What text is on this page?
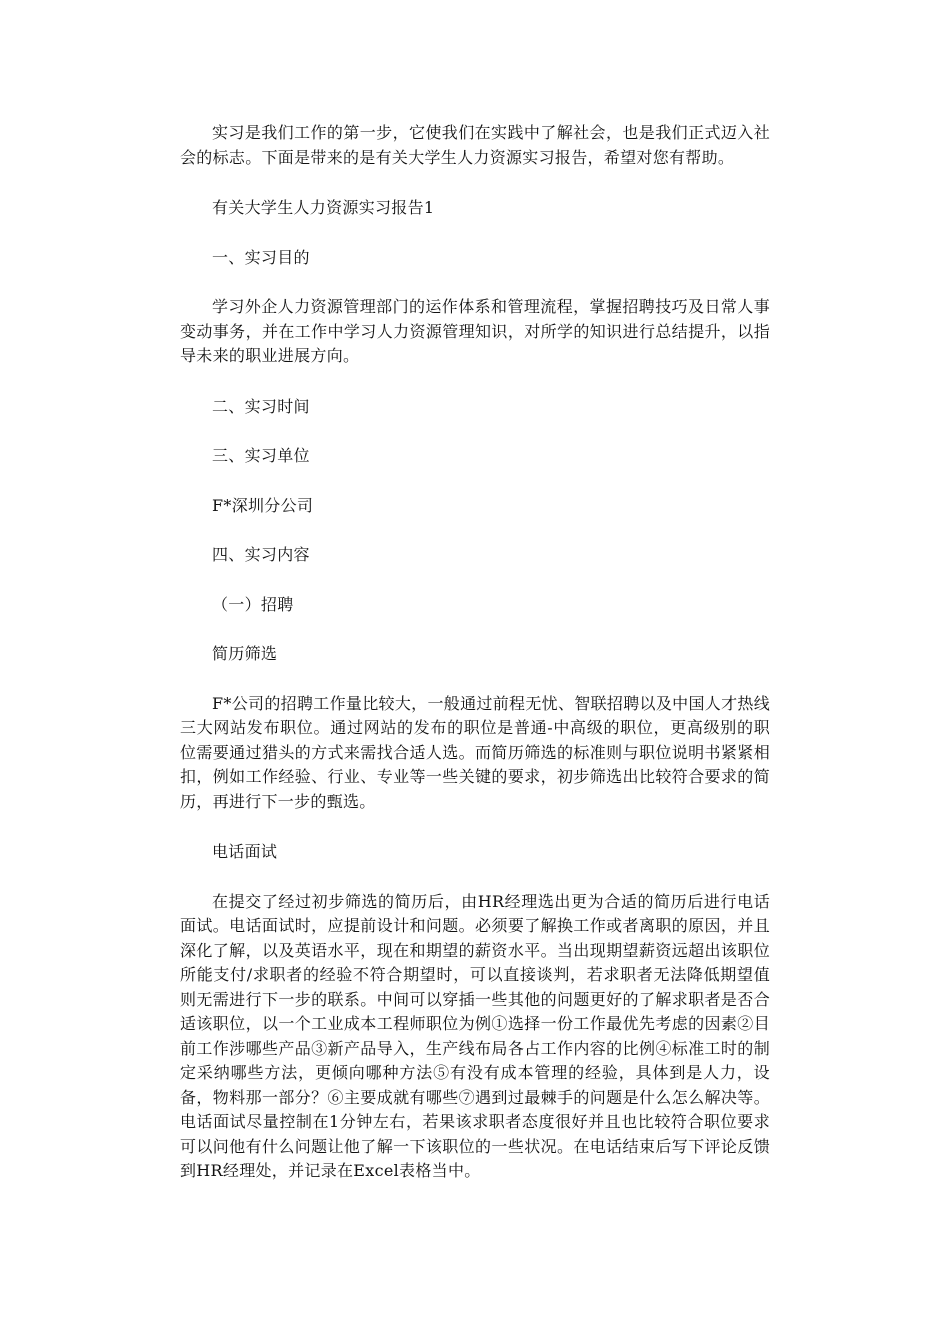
实习是我们工作的第一步，它使我们在实践中了解社会，也是我们正式迈入社会的标志。下面是带来的是有关大学生人力资源实习报告，希望对您有帮助。

有关大学生人力资源实习报告1

一、实习目的

学习外企人力资源管理部门的运作体系和管理流程，掌握招聘技巧及日常人事变动事务，并在工作中学习人力资源管理知识，对所学的知识进行总结提升，以指导未来的职业进展方向。

二、实习时间

三、实习单位

F*深圳分公司

四、实习内容

（一）招聘

简历筛选

F*公司的招聘工作量比较大，一般通过前程无忧、智联招聘以及中国人才热线三大网站发布职位。通过网站的发布的职位是普通-中高级的职位，更高级别的职位需要通过猎头的方式来需找合适人选。而简历筛选的标准则与职位说明书紧紧相扣，例如工作经验、行业、专业等一些关键的要求，初步筛选出比较符合要求的简历，再进行下一步的甄选。

电话面试

在提交了经过初步筛选的简历后，由HR经理选出更为合适的简历后进行电话面试。电话面试时，应提前设计和问题。必须要了解换工作或者离职的原因，并且深化了解，以及英语水平，现在和期望的薪资水平。当出现期望薪资远超出该职位所能支付/求职者的经验不符合期望时，可以直接谈判，若求职者无法降低期望值则无需进行下一步的联系。中间可以穿插一些其他的问题更好的了解求职者是否合适该职位，以一个工业成本工程师职位为例①选择一份工作最优先考虑的因素②目前工作涉哪些产品③新产品导入，生产线布局各占工作内容的比例④标准工时的制定采纳哪些方法，更倾向哪种方法⑤有没有成本管理的经验，具体到是人力，设备，物料那一部分？⑥主要成就有哪些⑦遇到过最棘手的问题是什么怎么解决等。电话面试尽量控制在1分钟左右，若果该求职者态度很好并且也比较符合职位要求可以问他有什么问题让他了解一下该职位的一些状况。在电话结束后写下评论反馈到HR经理处，并记录在Excel表格当中。
